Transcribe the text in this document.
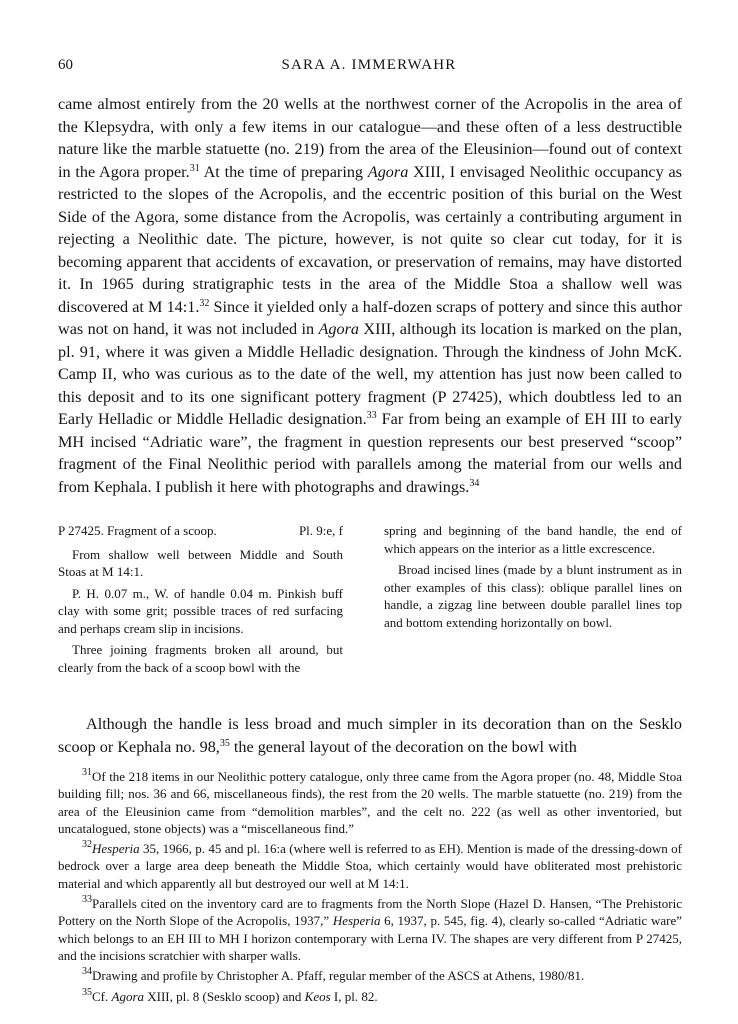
60	SARA A. IMMERWAHR

came almost entirely from the 20 wells at the northwest corner of the Acropolis in the area of the Klepsydra, with only a few items in our catalogue—and these often of a less destructible nature like the marble statuette (no. 219) from the area of the Eleusinion—found out of context in the Agora proper.$^{31}$ At the time of preparing Agora XIII, I envisaged Neolithic occupancy as restricted to the slopes of the Acropolis, and the eccentric position of this burial on the West Side of the Agora, some distance from the Acropolis, was certainly a contributing argument in rejecting a Neolithic date. The picture, however, is not quite so clear cut today, for it is becoming apparent that accidents of excavation, or preservation of remains, may have distorted it. In 1965 during stratigraphic tests in the area of the Middle Stoa a shallow well was discovered at M 14:1.32 Since it yielded only a half-dozen scraps of pottery and since this author was not on hand, it was not included in Agora XIII, although its location is marked on the plan, pl. 91, where it was given a Middle Helladic designation. Through the kindness of John McK. Camp II, who was curious as to the date of the well, my attention has just now been called to this deposit and to its one significant pottery fragment (P 27425), which doubtless led to an Early Helladic or Middle Helladic designation.$^{33}$ Far from being an example of EH III to early MH incised “Adriatic ware”, the fragment in question represents our best preserved “scoop” fragment of the Final Neolithic period with parallels among the material from our wells and from Kephala. I publish it here with photographs and drawings.$^{34}$

P 27425. Fragment of a scoop.	Pl. 9:e, f

From shallow well between Middle and South Stoas at M 14:1.

P. H. 0.07 m., W. of handle 0.04 m. Pinkish buff clay with some grit; possible traces of red surfacing and perhaps cream slip in incisions.

Three joining fragments broken all around, but clearly from the back of a scoop bowl with the

spring and beginning of the band handle, the end of which appears on the interior as a little excrescence.

Broad incised lines (made by a blunt instrument as in other examples of this class): oblique parallel lines on handle, a zigzag line between double parallel lines top and bottom extending horizontally on bowl.

Although the handle is less broad and much simpler in its decoration than on the Sesklo scoop or Kephala no. 98,35 the general layout of the decoration on the bowl with

$^{31}$Of the 218 items in our Neolithic pottery catalogue, only three came from the Agora proper (no. 48, Middle Stoa building fill; nos. 36 and 66, miscellaneous finds), the rest from the 20 wells. The marble statuette (no. 219) from the area of the Eleusinion came from “demolition marbles”, and the celt no. 222 (as well as other inventoried, but uncatalogued, stone objects) was a “miscellaneous find.”

$^{32}$Hesperia 35, 1966, p. 45 and pl. 16:a (where well is referred to as EH). Mention is made of the dressing-down of bedrock over a large area deep beneath the Middle Stoa, which certainly would have obliterated most prehistoric material and which apparently all but destroyed our well at M 14:1.

$^{33}$Parallels cited on the inventory card are to fragments from the North Slope (Hazel D. Hansen, “The Prehistoric Pottery on the North Slope of the Acropolis, 1937,” Hesperia 6, 1937, p. 545, fig. 4), clearly so-called “Adriatic ware” which belongs to an EH III to MH I horizon contemporary with Lerna IV. The shapes are very different from P 27425, and the incisions scratchier with sharper walls.

$^{34}$Drawing and profile by Christopher A. Pfaff, regular member of the ASCS at Athens, 1980/81.

$^{35}$Cf. Agora XIII, pl. 8 (Sesklo scoop) and Keos I, pl. 82.
